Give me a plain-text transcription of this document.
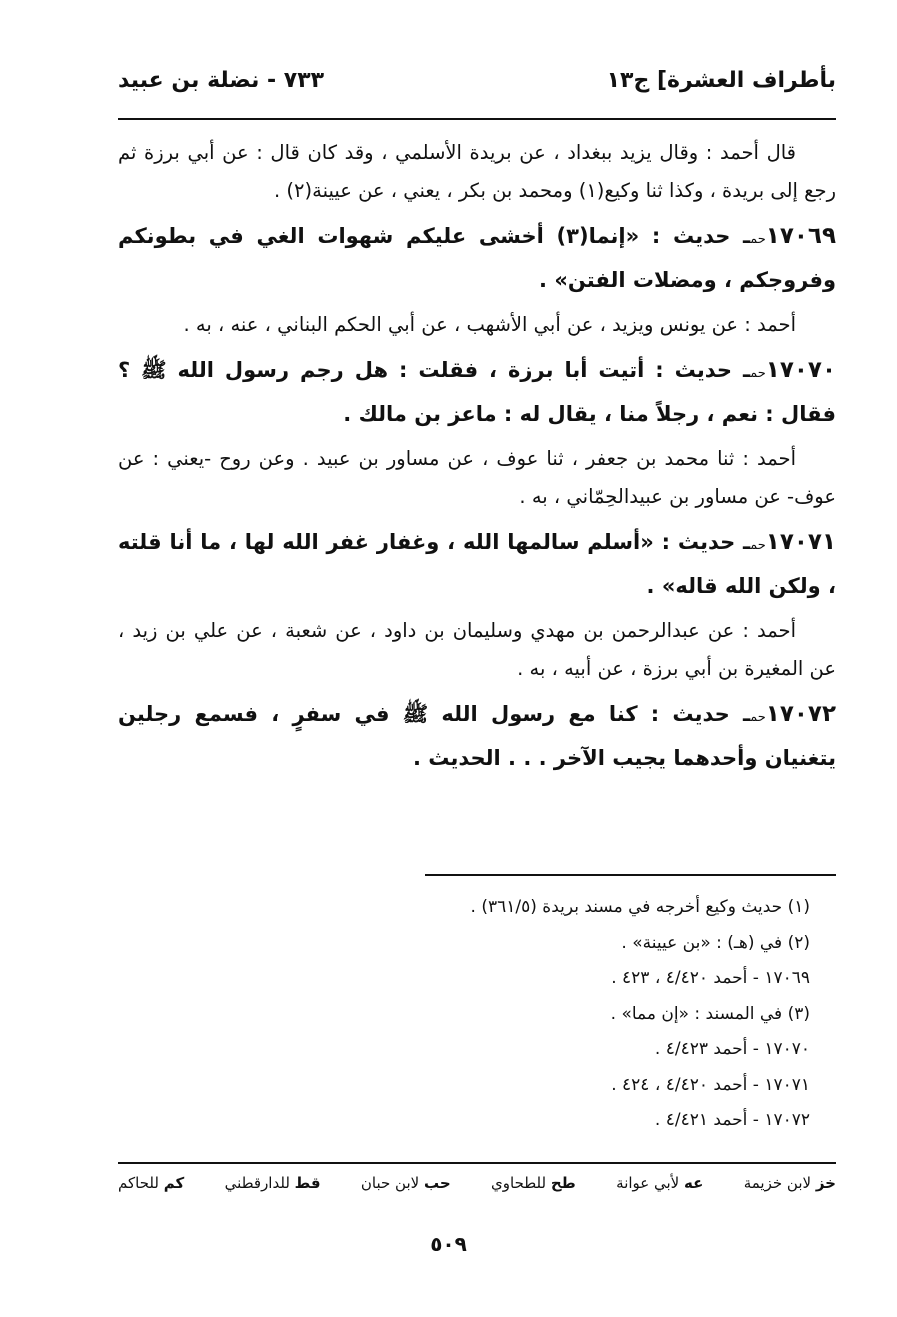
بأطراف العشرة] ج١٣
٧٣٣ - نضلة بن عبيد

قال أحمد : وقال يزيد ببغداد ، عن بريدة الأسلمي ، وقد كان قال : عن أبي برزة ثم رجع إلى بريدة ، وكذا ثنا وكيع(١) ومحمد بن بكر ، يعني ، عن عيينة(٢) .

١٧٠٦٩حمـ حديث : «إنما(٣) أخشى عليكم شهوات الغي في بطونكم وفروجكم ، ومضلات الفتن» .

أحمد : عن يونس ويزيد ، عن أبي الأشهب ، عن أبي الحكم البناني ، عنه ، به .

١٧٠٧٠حمـ حديث : أتيت أبا برزة ، فقلت : هل رجم رسول الله ﷺ ؟ فقال : نعم ، رجلاً منا ، يقال له : ماعز بن مالك .

أحمد : ثنا محمد بن جعفر ، ثنا عوف ، عن مساور بن عبيد . وعن روح -يعني : عن عوف- عن مساور بن عبيدالحِمّاني ، به .

١٧٠٧١حمـ حديث : «أسلم سالمها الله ، وغفار غفر الله لها ، ما أنا قلته ، ولكن الله قاله» .

أحمد : عن عبدالرحمن بن مهدي وسليمان بن داود ، عن شعبة ، عن علي بن زيد ، عن المغيرة بن أبي برزة ، عن أبيه ، به .

١٧٠٧٢حمـ حديث : كنا مع رسول الله ﷺ في سفرٍ ، فسمع رجلين يتغنيان وأحدهما يجيب الآخر . . . الحديث .

(١) حديث وكيع أخرجه في مسند بريدة (٣٦١/٥) .

(٢) في (هـ) : «بن عيينة» .

١٧٠٦٩ - أحمد ٤/٤٢٠ ، ٤٢٣ .

(٣) في المسند : «إن مما» .

١٧٠٧٠ - أحمد ٤/٤٢٣ .

١٧٠٧١ - أحمد ٤/٤٢٠ ، ٤٢٤ .

١٧٠٧٢ - أحمد ٤/٤٢١ .

خز لابن خزيمة
عه لأبي عوانة
طح للطحاوي
حب لابن حبان
قط للدارقطني
كم للحاكم
٥٠٩
